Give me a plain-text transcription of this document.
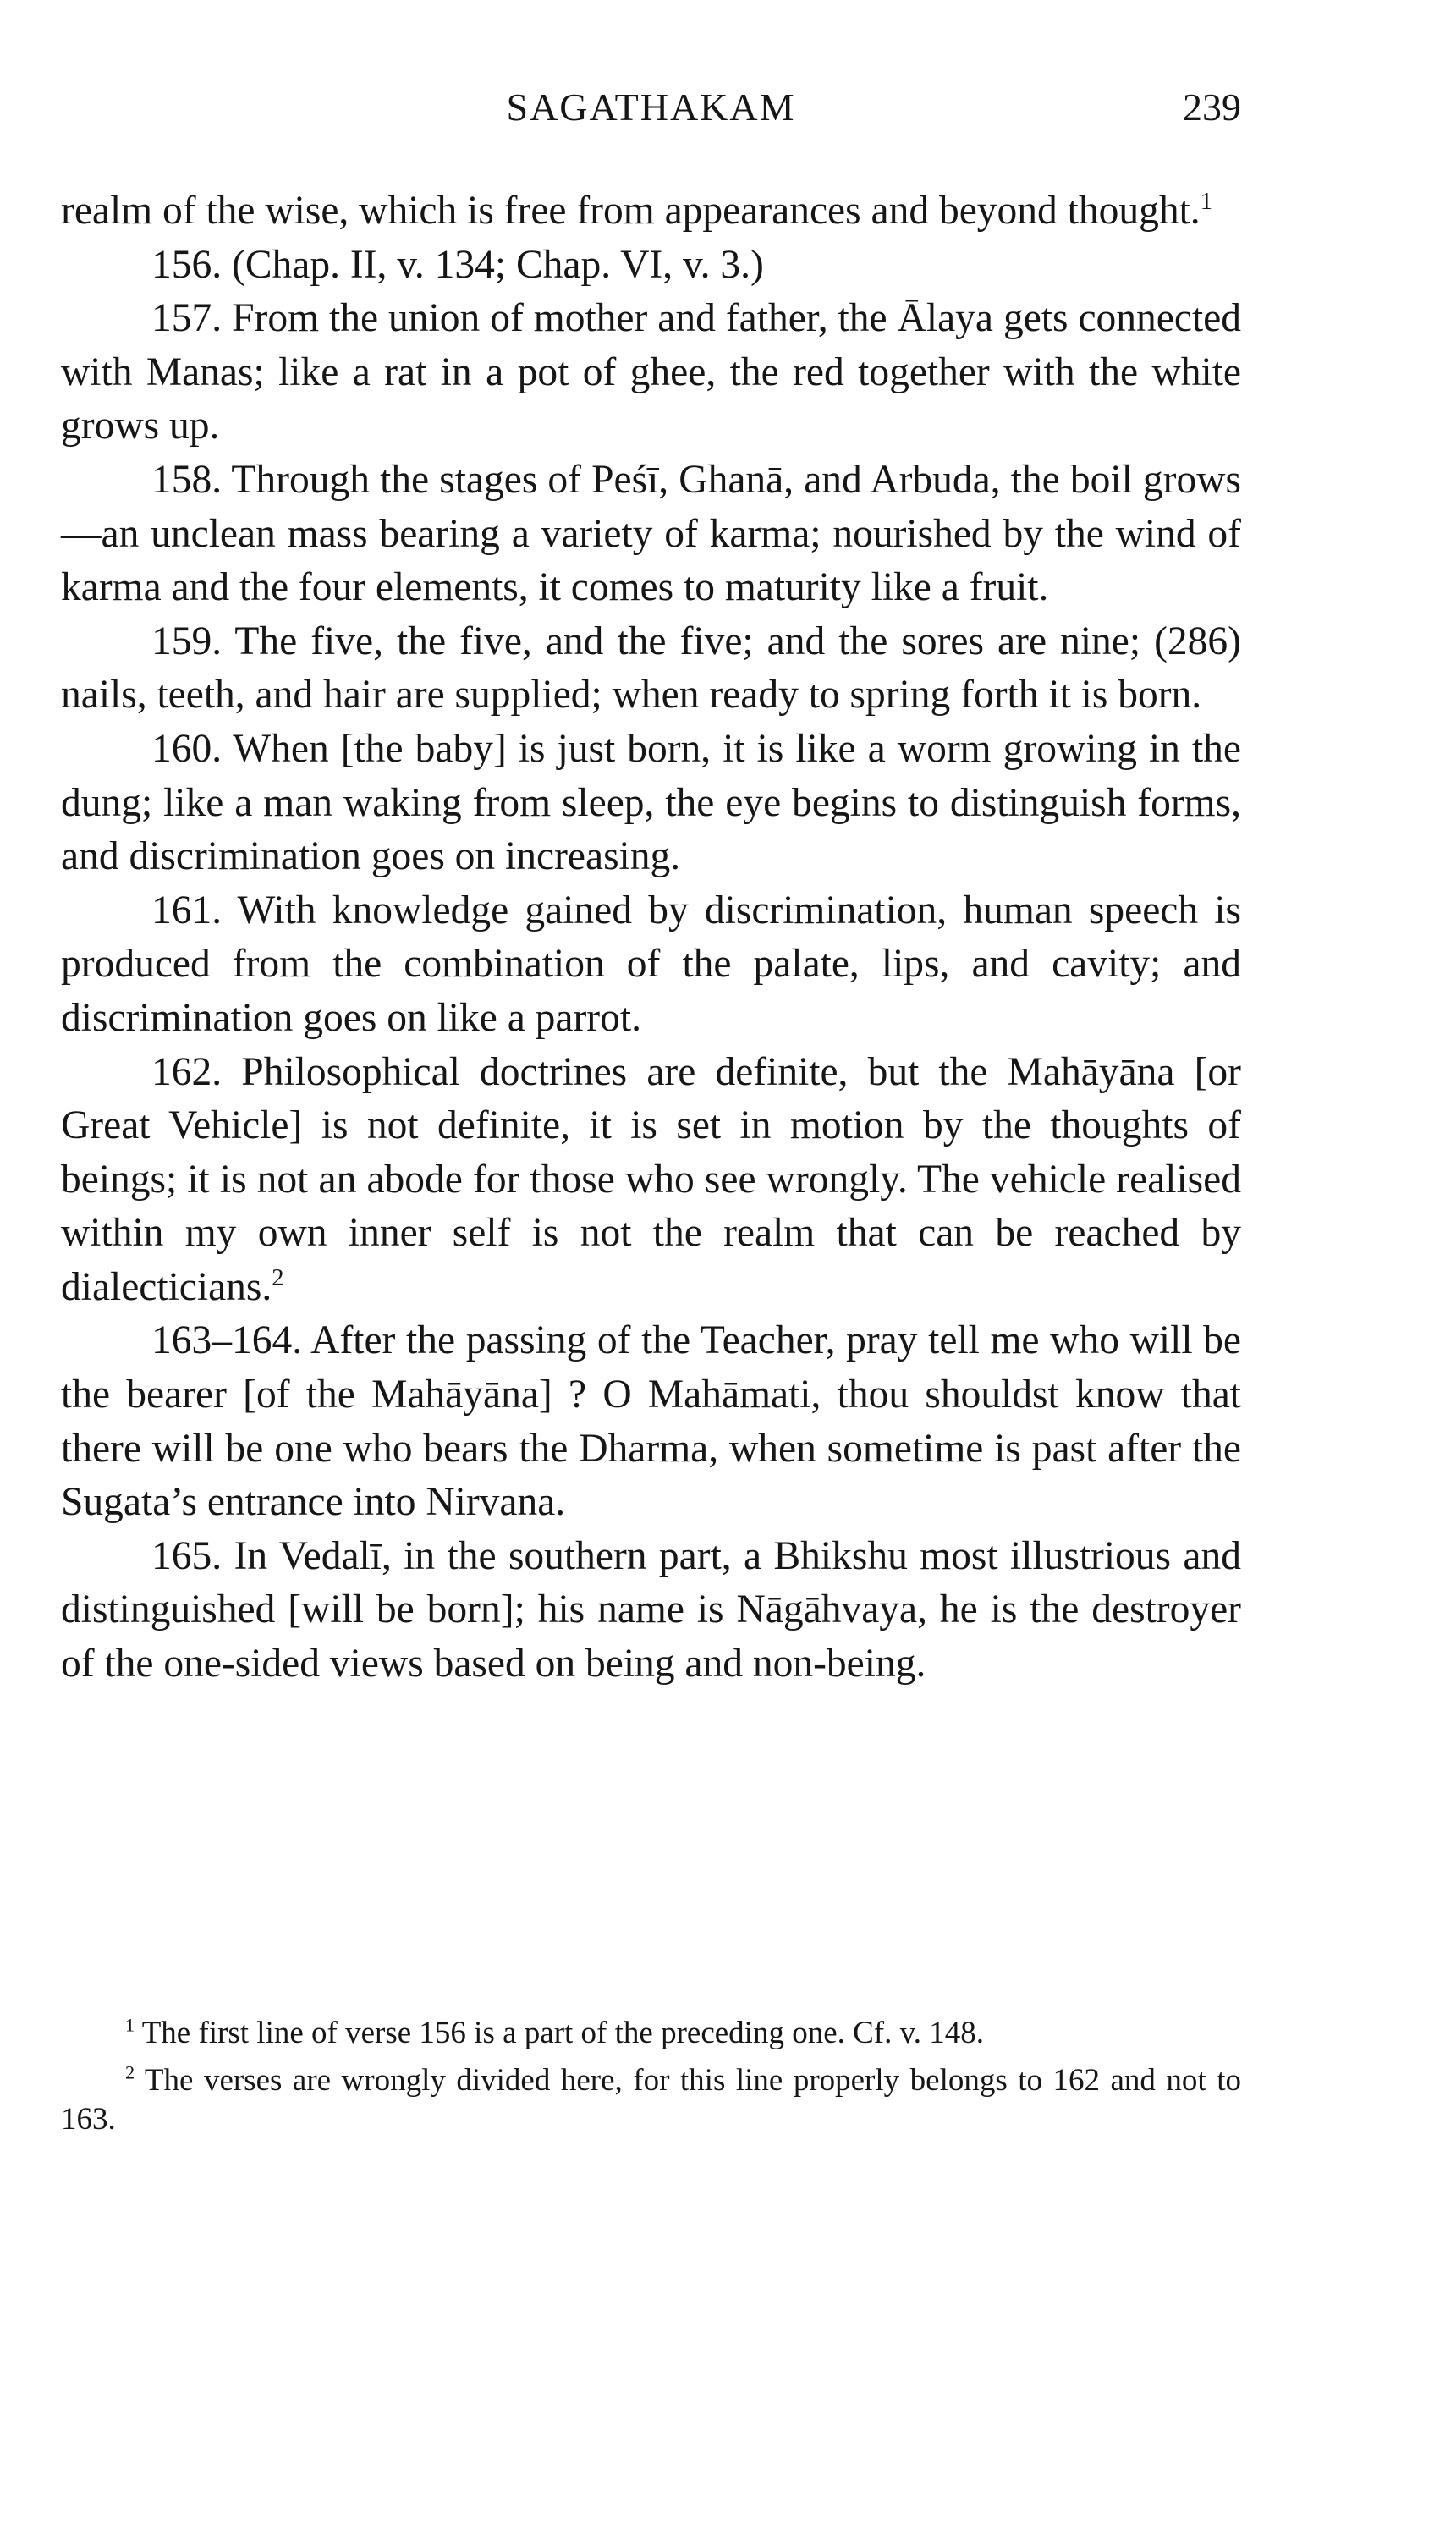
SAGATHAKAM	239

realm of the wise, which is free from appearances and beyond thought.$^1$

156. (Chap. II, v. 134; Chap. VI, v. 3.)

157. From the union of mother and father, the Ālaya gets connected with Manas; like a rat in a pot of ghee, the red together with the white grows up.

158. Through the stages of Peśī, Ghanā, and Arbuda, the boil grows—an unclean mass bearing a variety of karma; nourished by the wind of karma and the four elements, it comes to maturity like a fruit.

159. The five, the five, and the five; and the sores are nine; (286) nails, teeth, and hair are supplied; when ready to spring forth it is born.

160. When [the baby] is just born, it is like a worm growing in the dung; like a man waking from sleep, the eye begins to distinguish forms, and discrimination goes on increasing.

161. With knowledge gained by discrimination, human speech is produced from the combination of the palate, lips, and cavity; and discrimination goes on like a parrot.

162. Philosophical doctrines are definite, but the Mahāyāna [or Great Vehicle] is not definite, it is set in motion by the thoughts of beings; it is not an abode for those who see wrongly. The vehicle realised within my own inner self is not the realm that can be reached by dialecticians.$^2$

163–164. After the passing of the Teacher, pray tell me who will be the bearer [of the Mahāyāna] ? O Mahāmati, thou shouldst know that there will be one who bears the Dharma, when sometime is past after the Sugata’s entrance into Nirvana.

165. In Vedalī, in the southern part, a Bhikshu most illustrious and distinguished [will be born]; his name is Nāgāhvaya, he is the destroyer of the one-sided views based on being and non-being.

$^1$ The first line of verse 156 is a part of the preceding one. Cf. v. 148.

$^2$ The verses are wrongly divided here, for this line properly belongs to 162 and not to 163.
